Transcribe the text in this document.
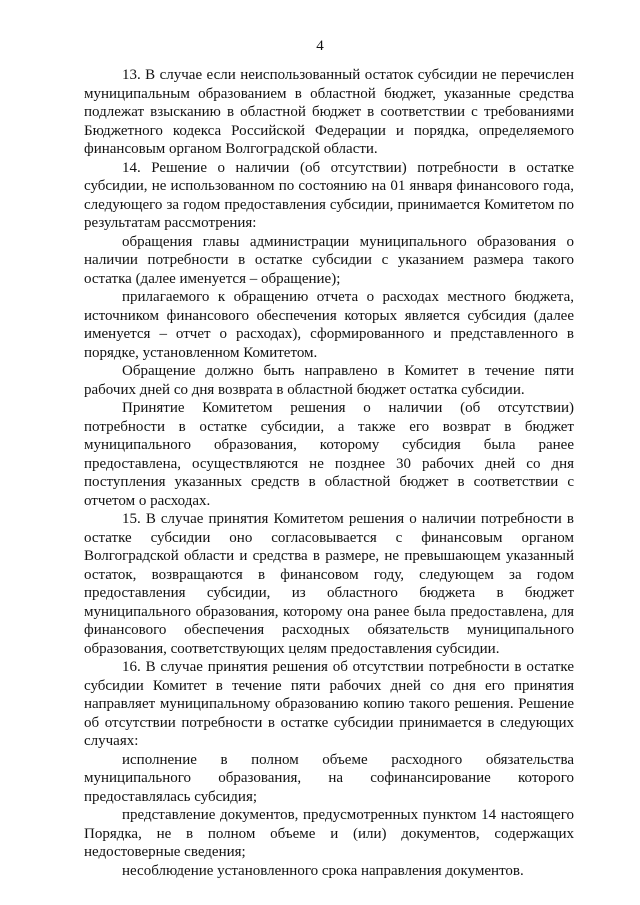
4

13. В случае если неиспользованный остаток субсидии не перечислен муниципальным образованием в областной бюджет, указанные средства подлежат взысканию в областной бюджет в соответствии с требованиями Бюджетного кодекса Российской Федерации и порядка, определяемого финансовым органом Волгоградской области.

14. Решение о наличии (об отсутствии) потребности в остатке субсидии, не использованном по состоянию на 01 января финансового года, следующего за годом предоставления субсидии, принимается Комитетом по результатам рассмотрения:

обращения главы администрации муниципального образования о наличии потребности в остатке субсидии с указанием размера такого остатка (далее именуется – обращение);

прилагаемого к обращению отчета о расходах местного бюджета, источником финансового обеспечения которых является субсидия (далее именуется – отчет о расходах), сформированного и представленного в порядке, установленном Комитетом.

Обращение должно быть направлено в Комитет в течение пяти рабочих дней со дня возврата в областной бюджет остатка субсидии.

Принятие Комитетом решения о наличии (об отсутствии) потребности в остатке субсидии, а также его возврат в бюджет муниципального образования, которому субсидия была ранее предоставлена, осуществляются не позднее 30 рабочих дней со дня поступления указанных средств в областной бюджет в соответствии с отчетом о расходах.

15. В случае принятия Комитетом решения о наличии потребности в остатке субсидии оно согласовывается с финансовым органом Волгоградской области и средства в размере, не превышающем указанный остаток, возвращаются в финансовом году, следующем за годом предоставления субсидии, из областного бюджета в бюджет муниципального образования, которому она ранее была предоставлена, для финансового обеспечения расходных обязательств муниципального образования, соответствующих целям предоставления субсидии.

16. В случае принятия решения об отсутствии потребности в остатке субсидии Комитет в течение пяти рабочих дней со дня его принятия направляет муниципальному образованию копию такого решения. Решение об отсутствии потребности в остатке субсидии принимается в следующих случаях:

исполнение в полном объеме расходного обязательства муниципального образования, на софинансирование которого предоставлялась субсидия;

представление документов, предусмотренных пунктом 14 настоящего Порядка, не в полном объеме и (или) документов, содержащих недостоверные сведения;

несоблюдение установленного срока направления документов.
